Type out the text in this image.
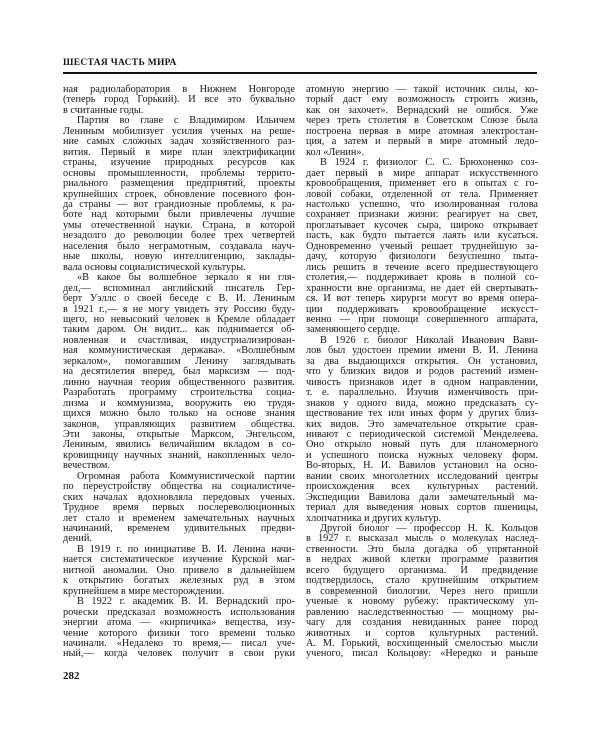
ШЕСТАЯ ЧАСТЬ МИРА
ная радиолаборатория в Нижнем Новгороде
(теперь город Горький). И все это буквально
в считанные годы.
Партия во главе с Владимиром Ильичем
Лениным мобилизует усилия ученых на реше-
ние самых сложных задач хозяйственного раз-
вития. Первый в мире план электрификации
страны, изучение природных ресурсов как
основы промышленности, проблемы террито-
риального размещения предприятий, проекты
крупнейших строек, обновление посевного фон-
да страны — вот грандиозные проблемы, к ра-
боте над которыми были привлечены лучшие
умы отечественной науки. Страна, в которой
незадолго до революции более трех четвертей
населения было неграмотным, создавала науч-
ные школы, новую интеллигенцию, заклады-
вала основы социалистической культуры.
«В какое бы волшебное зеркало я ни гля-
дел,— вспоминал английский писатель Гер-
берт Уэллс о своей беседе с В. И. Лениным
в 1921 г.,— я не могу увидеть эту Россию буду-
щего, но невысокий человек в Кремле обладает
таким даром. Он видит... как поднимается об-
новленная и счастливая, индустриализирован-
ная коммунистическая держава». «Волшебным
зеркалом», помогавшим Ленину заглядывать
на десятилетия вперед, был марксизм — под-
линно научная теория общественного развития.
Разработать программу строительства социа-
лизма и коммунизма, вооружить ею трудя-
щихся можно было только на основе знания
законов, управляющих развитием общества.
Эти законы, открытые Марксом, Энгельсом,
Лениным, явились величайшим вкладом в со-
кровищницу научных знаний, накопленных чело-
вечеством.
Огромная работа Коммунистической партии
по переустройству общества на социалистиче-
ских началах вдохновляла передовых ученых.
Трудное время первых послереволюционных
лет стало и временем замечательных научных
начинаний, временем удивительных предви-
дений.
В 1919 г. по инициативе В. И. Ленина начи-
нается систематическое изучение Курской маг-
нитной аномалии. Оно привело в дальнейшем
к открытию богатых железных руд в этом
крупнейшем в мире месторождении.
В 1922 г. академик В. И. Вернадский про-
рочески предсказал возможность использования
энергии атома — «кирпичика» вещества, изу-
чение которого физики того времени только
начинали. «Недалеко то время,— писал уче-
ный,— когда человек получит в свои руки
атомную энергию — такой источник силы, ко-
торый даст ему возможность строить жизнь,
как он захочет». Вернадский не ошибся. Уже
через треть столетия в Советском Союзе была
построена первая в мире атомная электростан-
ция, а затем и первый в мире атомный ледо-
кол «Ленин».
В 1924 г. физиолог С. С. Брюхоненко соз-
дает первый в мире аппарат искусственного
кровообращения, применяет его в опытах с го-
ловой собаки, отделенной от тела. Применяет
настолько успешно, что изолированная голова
сохраняет признаки жизни: реагирует на свет,
проглатывает кусочек сыра, широко открывает
пасть, как будто пытается лаять или кусаться.
Одновременно ученый решает труднейшую за-
дачу, которую физиологи безуспешно пыта-
лись решить в течение всего предшествующего
столетия,— поддерживает кровь в полной со-
хранности вне организма, не дает ей свертывать-
ся. И вот теперь хирурги могут во время опера-
ции поддерживать кровообращение искусст-
венно — при помощи совершенного аппарата,
заменяющего сердце.
В 1926 г. биолог Николай Иванович Вави-
лов был удостоен премии имени В. И. Ленина
за два выдающихся открытия. Он установил,
что у близких видов и родов растений измен-
чивость признаков идет в одном направлении,
т. е. параллельно. Изучив изменчивость при-
знаков у одного вида, можно предсказать су-
ществование тех или иных форм у других близ-
ких видов. Это замечательное открытие срав-
нивают с периодической системой Менделеева.
Оно открыло новый путь для планомерного
и успешного поиска нужных человеку форм.
Во-вторых, Н. И. Вавилов установил на осно-
вании своих многолетних исследований центры
происхождения всех культурных растений.
Экспедиции Вавилова дали замечательный ма-
териал для выведения новых сортов пшеницы,
хлопчатника и других культур.
Другой биолог — профессор Н. К. Кольцов
в 1927 г. высказал мысль о молекулах наслед-
ственности. Это была догадка об упрятанной
в недрах живой клетки программе развития
всего будущего организма. И предвидение
подтвердилось, стало крупнейшим открытием
в современной биологии. Через него пришли
ученые к новому рубежу: практическому уп-
равлению наследственностью — мощному ры-
чагу для создания невиданных ранее пород
животных и сортов культурных растений.
А. М. Горький, восхищенный смелостью мысли
ученого, писал Кольцову: «Нередко и раньше
282
